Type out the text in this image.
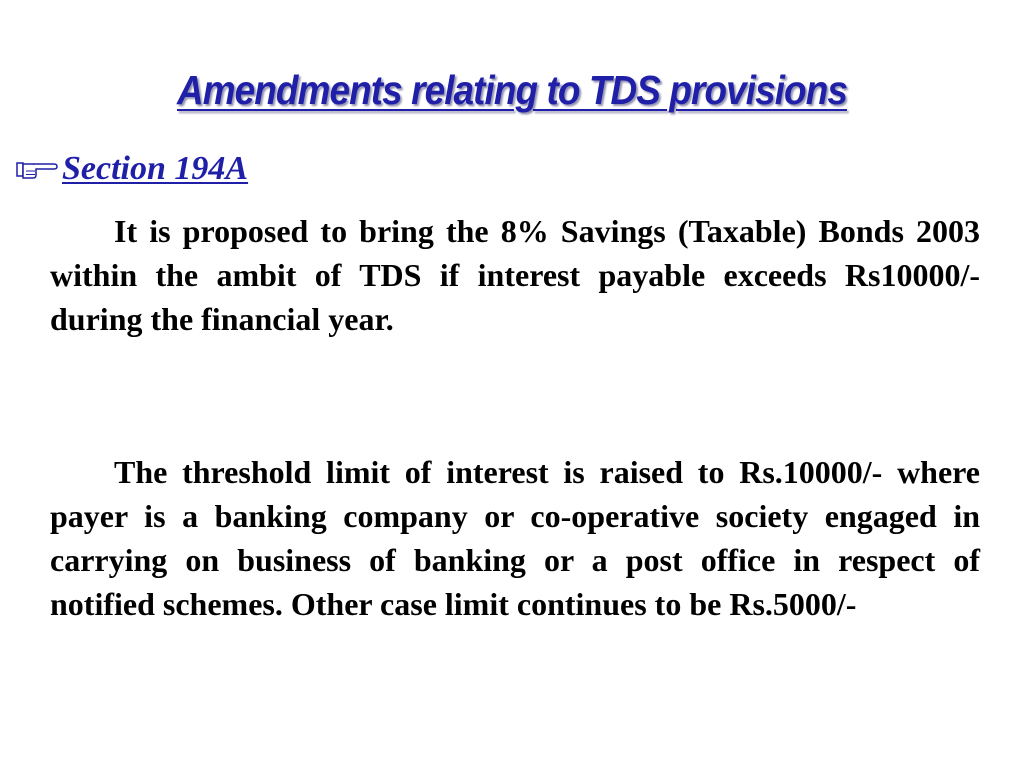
Amendments relating to TDS provisions
Section 194A

It is proposed to bring the 8% Savings (Taxable) Bonds 2003 within the ambit of TDS if interest payable exceeds Rs10000/- during the financial year.

The threshold limit of interest is raised to Rs.10000/- where payer is a banking company or co-operative society engaged in carrying on business of banking or a post office in respect of notified schemes. Other case limit continues to be Rs.5000/-
